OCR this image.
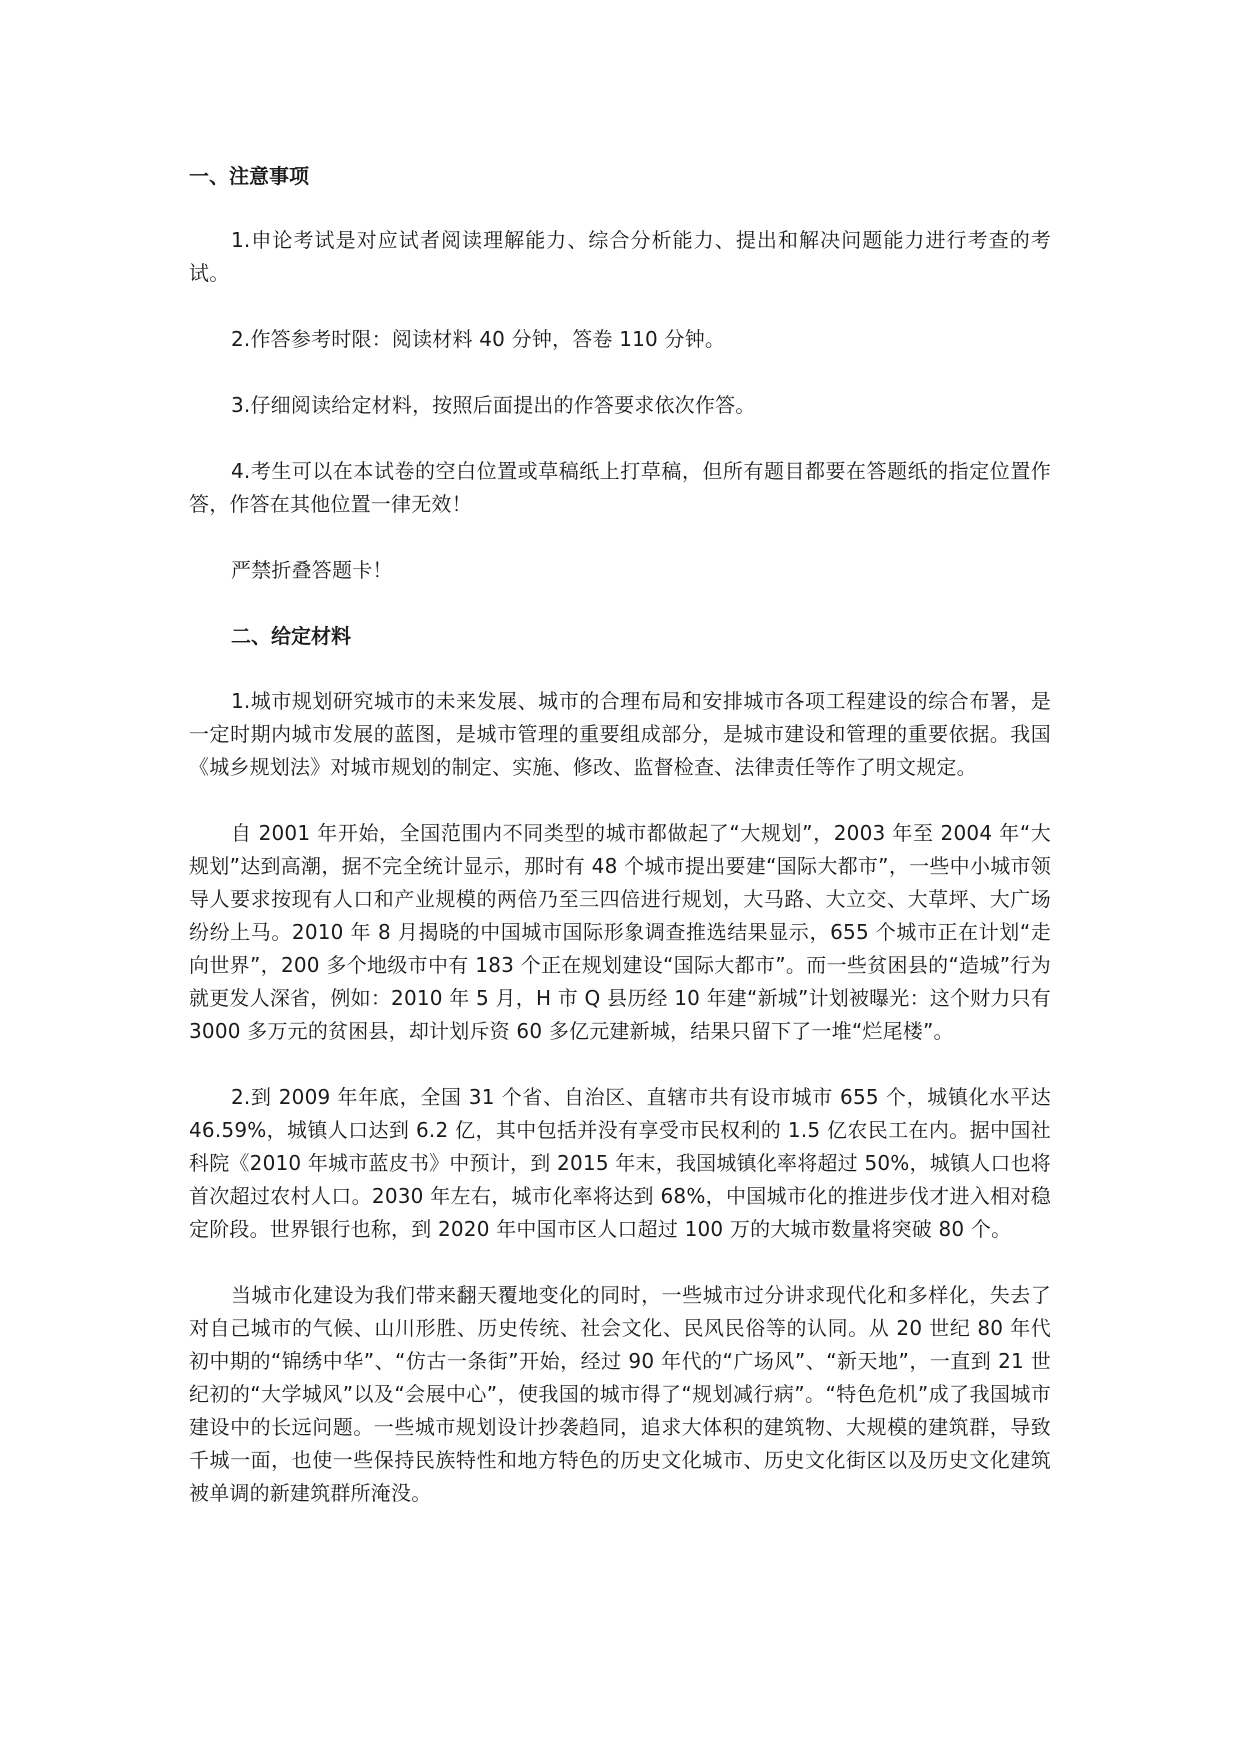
一、注意事项

1.申论考试是对应试者阅读理解能力、综合分析能力、提出和解决问题能力进行考查的考试。

2.作答参考时限：阅读材料 40 分钟，答卷 110 分钟。

3.仔细阅读给定材料，按照后面提出的作答要求依次作答。

4.考生可以在本试卷的空白位置或草稿纸上打草稿，但所有题目都要在答题纸的指定位置作答，作答在其他位置一律无效！

严禁折叠答题卡！

二、给定材料

1.城市规划研究城市的未来发展、城市的合理布局和安排城市各项工程建设的综合布署，是一定时期内城市发展的蓝图，是城市管理的重要组成部分，是城市建设和管理的重要依据。我国《城乡规划法》对城市规划的制定、实施、修改、监督检查、法律责任等作了明文规定。

自 2001 年开始，全国范围内不同类型的城市都做起了“大规划”，2003 年至 2004 年“大规划”达到高潮，据不完全统计显示，那时有 48 个城市提出要建“国际大都市”，一些中小城市领导人要求按现有人口和产业规模的两倍乃至三四倍进行规划，大马路、大立交、大草坪、大广场纷纷上马。2010 年 8 月揭晓的中国城市国际形象调查推选结果显示，655 个城市正在计划“走向世界”，200 多个地级市中有 183 个正在规划建设“国际大都市”。而一些贫困县的“造城”行为就更发人深省，例如：2010 年 5 月，H 市 Q 县历经 10 年建“新城”计划被曝光：这个财力只有 3000 多万元的贫困县，却计划斥资 60 多亿元建新城，结果只留下了一堆“烂尾楼”。

2.到 2009 年年底，全国 31 个省、自治区、直辖市共有设市城市 655 个，城镇化水平达 46.59%，城镇人口达到 6.2 亿，其中包括并没有享受市民权利的 1.5 亿农民工在内。据中国社科院《2010 年城市蓝皮书》中预计，到 2015 年末，我国城镇化率将超过 50%，城镇人口也将首次超过农村人口。2030 年左右，城市化率将达到 68%，中国城市化的推进步伐才进入相对稳定阶段。世界银行也称，到 2020 年中国市区人口超过 100 万的大城市数量将突破 80 个。

当城市化建设为我们带来翻天覆地变化的同时，一些城市过分讲求现代化和多样化，失去了对自己城市的气候、山川形胜、历史传统、社会文化、民风民俗等的认同。从 20 世纪 80 年代初中期的“锦绣中华”、“仿古一条街”开始，经过 90 年代的“广场风”、“新天地”，一直到 21 世纪初的“大学城风”以及“会展中心”，使我国的城市得了“规划减行病”。“特色危机”成了我国城市建设中的长远问题。一些城市规划设计抄袭趋同，追求大体积的建筑物、大规模的建筑群，导致千城一面，也使一些保持民族特性和地方特色的历史文化城市、历史文化街区以及历史文化建筑被单调的新建筑群所淹没。
